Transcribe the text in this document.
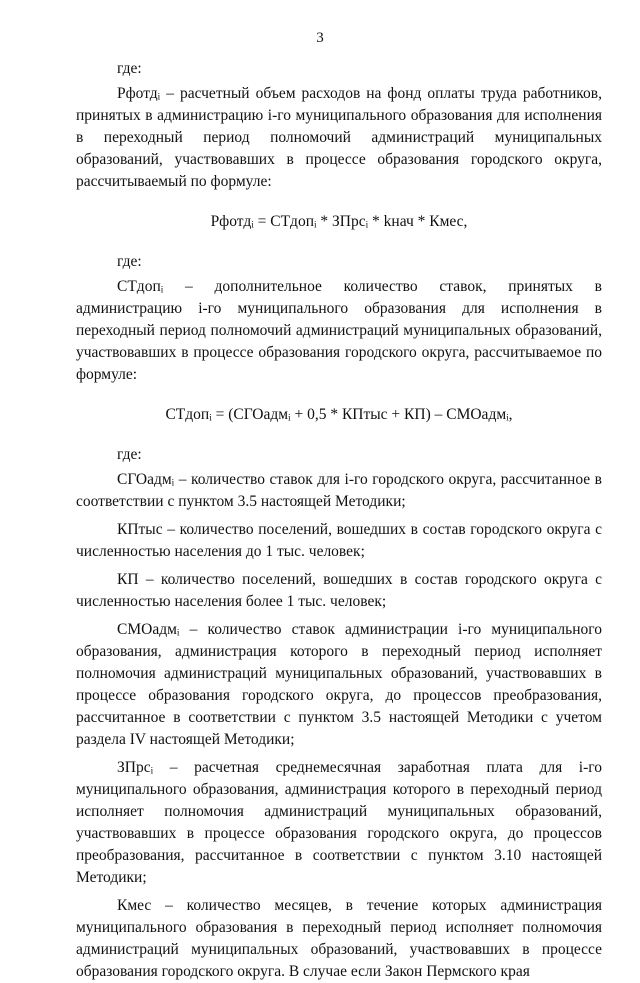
3

где:

Рфотдᵢ – расчетный объем расходов на фонд оплаты труда работников, принятых в администрацию i-го муниципального образования для исполнения в переходный период полномочий администраций муниципальных образований, участвовавших в процессе образования городского округа, рассчитываемый по формуле:

Рфотдᵢ = СТдопᵢ * ЗПрсᵢ * kнач * Кмес,

где:

СТдопᵢ – дополнительное количество ставок, принятых в администрацию i-го муниципального образования для исполнения в переходный период полномочий администраций муниципальных образований, участвовавших в процессе образования городского округа, рассчитываемое по формуле:

СТдопᵢ = (СГОадмᵢ + 0,5 * КПтыс + КП) – СМОадмᵢ,

где:

СГОадмᵢ – количество ставок для i-го городского округа, рассчитанное в соответствии с пунктом 3.5 настоящей Методики;

КПтыс – количество поселений, вошедших в состав городского округа с численностью населения до 1 тыс. человек;

КП – количество поселений, вошедших в состав городского округа с численностью населения более 1 тыс. человек;

СМОадмᵢ – количество ставок администрации i-го муниципального образования, администрация которого в переходный период исполняет полномочия администраций муниципальных образований, участвовавших в процессе образования городского округа, до процессов преобразования, рассчитанное в соответствии с пунктом 3.5 настоящей Методики с учетом раздела IV настоящей Методики;

ЗПрсᵢ – расчетная среднемесячная заработная плата для i-го муниципального образования, администрация которого в переходный период исполняет полномочия администраций муниципальных образований, участвовавших в процессе образования городского округа, до процессов преобразования, рассчитанное в соответствии с пунктом 3.10 настоящей Методики;

Кмес – количество месяцев, в течение которых администрация муниципального образования в переходный период исполняет полномочия администраций муниципальных образований, участвовавших в процессе образования городского округа. В случае если Закон Пермского края
